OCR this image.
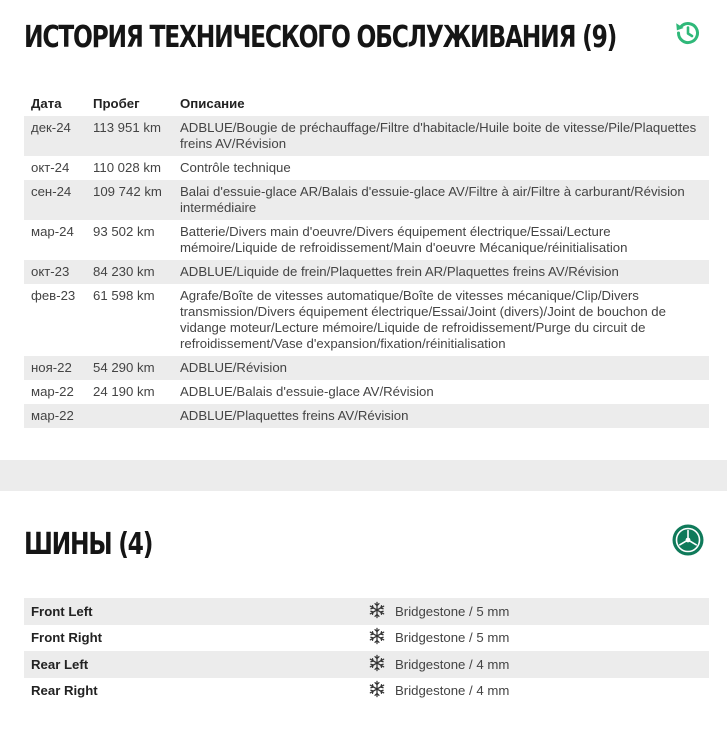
ИСТОРИЯ ТЕХНИЧЕСКОГО ОБСЛУЖИВАНИЯ (9)
Дата	Пробег	Описание
дек-24	113 951 km	ADBLUE/Bougie de préchauffage/Filtre d'habitacle/Huile boite de vitesse/Pile/Plaquettes freins AV/Révision
окт-24	110 028 km	Contrôle technique
сен-24	109 742 km	Balai d'essuie-glace AR/Balais d'essuie-glace AV/Filtre à air/Filtre à carburant/Révision intermédiaire
мар-24	93 502 km	Batterie/Divers main d'oeuvre/Divers équipement électrique/Essai/Lecture mémoire/Liquide de refroidissement/Main d'oeuvre Mécanique/réinitialisation
окт-23	84 230 km	ADBLUE/Liquide de frein/Plaquettes frein AR/Plaquettes freins AV/Révision
фев-23	61 598 km	Agrafe/Boîte de vitesses automatique/Boîte de vitesses mécanique/Clip/Divers transmission/Divers équipement électrique/Essai/Joint (divers)/Joint de bouchon de vidange moteur/Lecture mémoire/Liquide de refroidissement/Purge du circuit de refroidissement/Vase d'expansion/fixation/réinitialisation
ноя-22	54 290 km	ADBLUE/Révision
мар-22	24 190 km	ADBLUE/Balais d'essuie-glace AV/Révision
мар-22		ADBLUE/Plaquettes freins AV/Révision
ШИНЫ (4)
Front Left		Bridgestone / 5 mm
Front Right		Bridgestone / 5 mm
Rear Left		Bridgestone / 4 mm
Rear Right		Bridgestone / 4 mm
